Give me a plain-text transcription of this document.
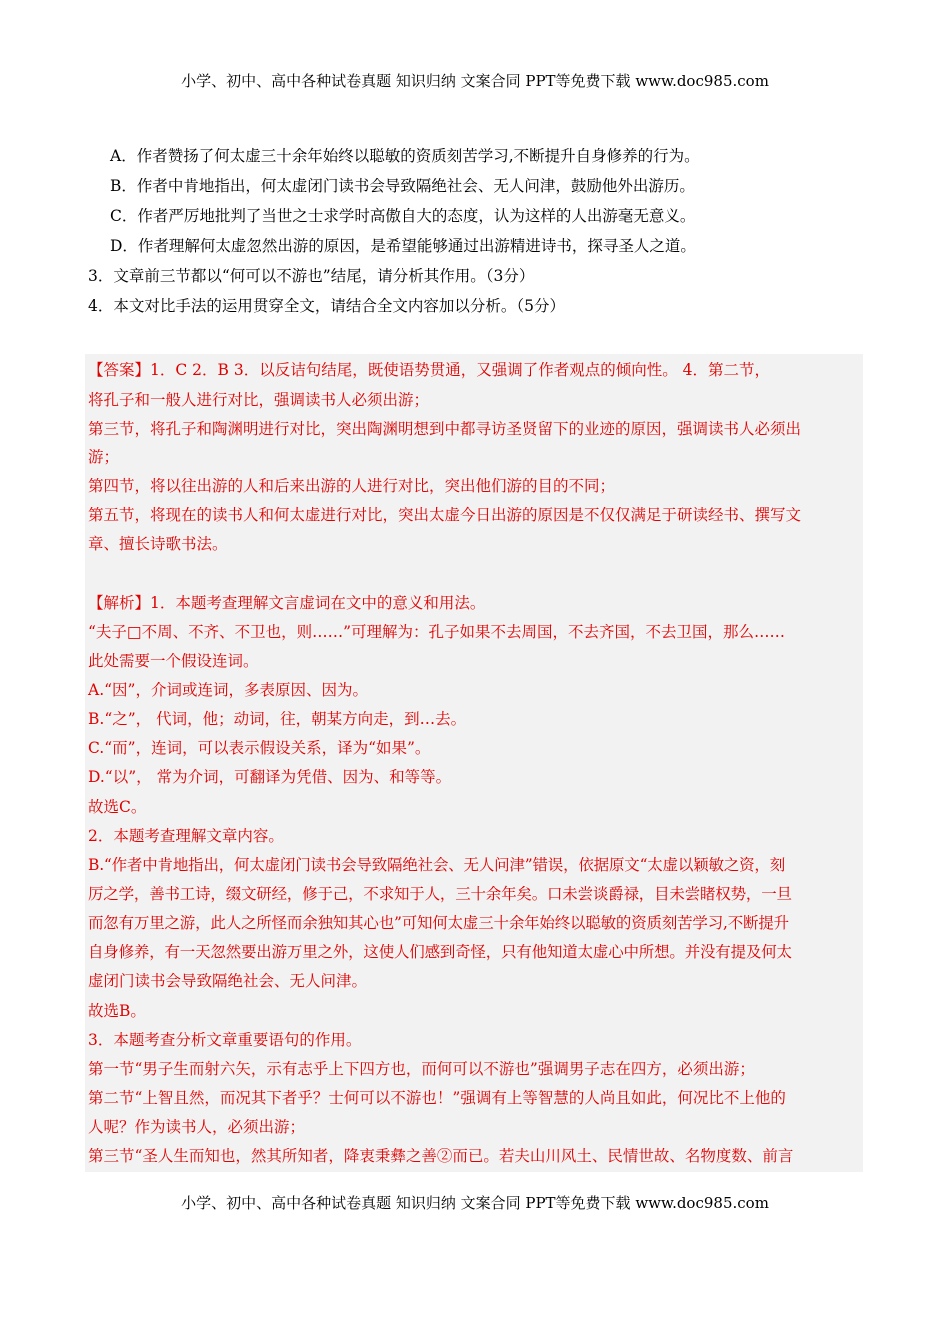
小学、初中、高中各种试卷真题 知识归纳 文案合同 PPT等免费下载 www.doc985.com
A．作者赞扬了何太虚三十余年始终以聪敏的资质刻苦学习,不断提升自身修养的行为。
B．作者中肯地指出，何太虚闭门读书会导致隔绝社会、无人问津，鼓励他外出游历。
C．作者严厉地批判了当世之士求学时高傲自大的态度，认为这样的人出游毫无意义。
D．作者理解何太虚忽然出游的原因，是希望能够通过出游精进诗书，探寻圣人之道。
3．文章前三节都以“何可以不游也”结尾，请分析其作用。（3分）
4．本文对比手法的运用贯穿全文，请结合全文内容加以分析。（5分）
【答案】1．C 2．B 3．以反诘句结尾，既使语势贯通，又强调了作者观点的倾向性。 4．第二节，
将孔子和一般人进行对比，强调读书人必须出游；
第三节，将孔子和陶渊明进行对比，突出陶渊明想到中都寻访圣贤留下的业迹的原因，强调读书人必须出
游；
第四节，将以往出游的人和后来出游的人进行对比，突出他们游的目的不同；
第五节，将现在的读书人和何太虚进行对比，突出太虚今日出游的原因是不仅仅满足于研读经书、撰写文
章、擅长诗歌书法。
【解析】1．本题考查理解文言虚词在文中的意义和用法。
“夫子□不周、不齐、不卫也，则……”可理解为：孔子如果不去周国，不去齐国，不去卫国，那么……
此处需要一个假设连词。
A.“因”，介词或连词，多表原因、因为。
B.“之”， 代词，他；动词，往，朝某方向走，到…去。
C.“而”，连词，可以表示假设关系，译为“如果”。
D.“以”， 常为介词，可翻译为凭借、因为、和等等。
故选C。
2．本题考查理解文章内容。
B.“作者中肯地指出，何太虚闭门读书会导致隔绝社会、无人问津”错误，依据原文“太虚以颖敏之资，刻
厉之学，善书工诗，缀文研经，修于己，不求知于人，三十余年矣。口未尝谈爵禄，目未尝睹权势，一旦
而忽有万里之游，此人之所怪而余独知其心也”可知何太虚三十余年始终以聪敏的资质刻苦学习,不断提升
自身修养，有一天忽然要出游万里之外，这使人们感到奇怪，只有他知道太虚心中所想。并没有提及何太
虚闭门读书会导致隔绝社会、无人问津。
故选B。
3．本题考查分析文章重要语句的作用。
第一节“男子生而射六矢，示有志乎上下四方也，而何可以不游也”强调男子志在四方，必须出游；
第二节“上智且然，而况其下者乎？士何可以不游也！”强调有上等智慧的人尚且如此，何况比不上他的
人呢？作为读书人，必须出游；
第三节“圣人生而知也，然其所知者，降衷秉彝之善②而已。若夫山川风土、民情世故、名物度数、前言
小学、初中、高中各种试卷真题 知识归纳 文案合同 PPT等免费下载 www.doc985.com
